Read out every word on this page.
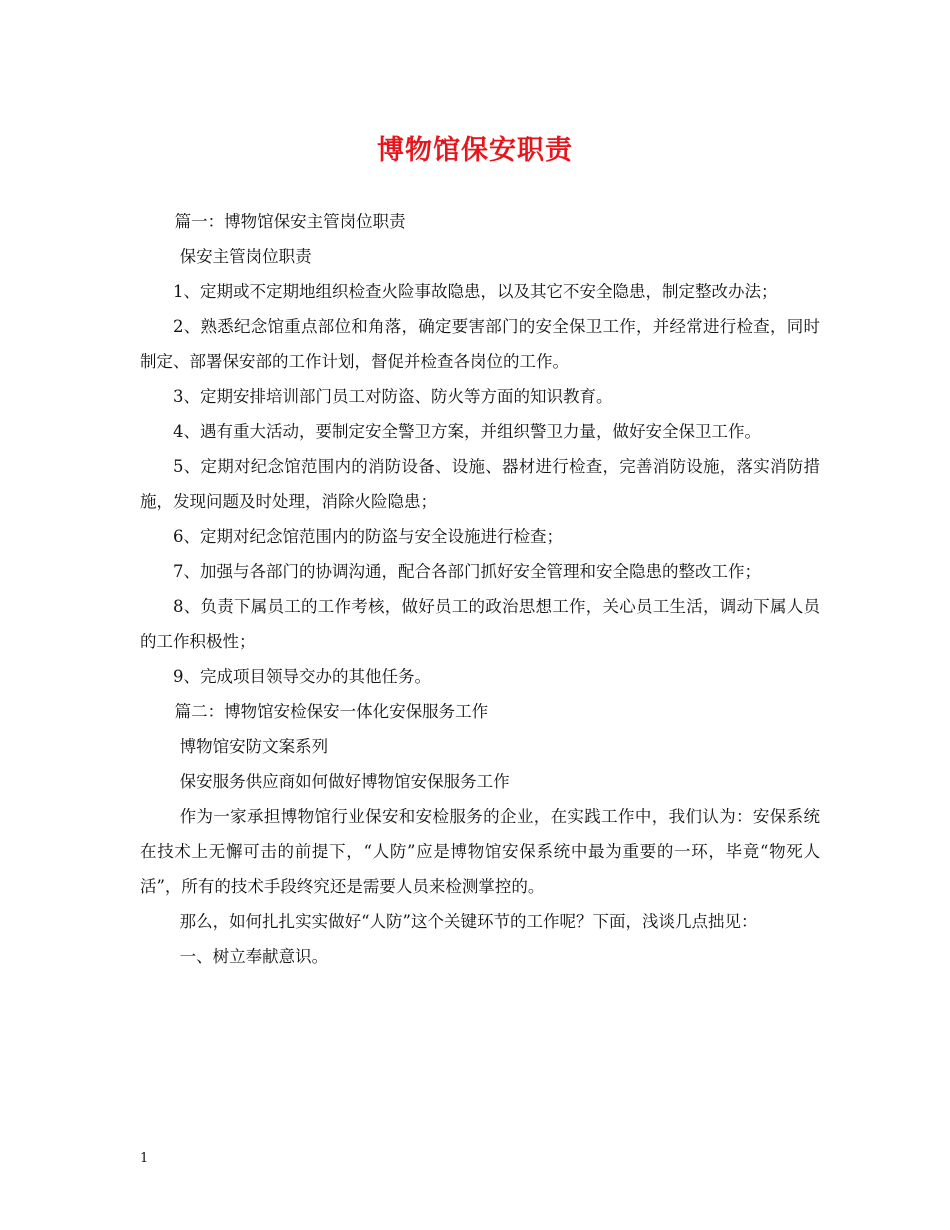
博物馆保安职责

篇一：博物馆保安主管岗位职责

保安主管岗位职责

1、定期或不定期地组织检查火险事故隐患，以及其它不安全隐患，制定整改办法；

2、熟悉纪念馆重点部位和角落，确定要害部门的安全保卫工作，并经常进行检查，同时制定、部署保安部的工作计划，督促并检查各岗位的工作。

3、定期安排培训部门员工对防盗、防火等方面的知识教育。

4、遇有重大活动，要制定安全警卫方案，并组织警卫力量，做好安全保卫工作。

5、定期对纪念馆范围内的消防设备、设施、器材进行检查，完善消防设施，落实消防措施，发现问题及时处理，消除火险隐患；

6、定期对纪念馆范围内的防盗与安全设施进行检查；

7、加强与各部门的协调沟通，配合各部门抓好安全管理和安全隐患的整改工作；

8、负责下属员工的工作考核，做好员工的政治思想工作，关心员工生活，调动下属人员的工作积极性；

9、完成项目领导交办的其他任务。

篇二：博物馆安检保安一体化安保服务工作

博物馆安防文案系列

保安服务供应商如何做好博物馆安保服务工作

作为一家承担博物馆行业保安和安检服务的企业，在实践工作中，我们认为：安保系统在技术上无懈可击的前提下，“人防”应是博物馆安保系统中最为重要的一环，毕竟“物死人活”，所有的技术手段终究还是需要人员来检测掌控的。

那么，如何扎扎实实做好“人防”这个关键环节的工作呢？下面，浅谈几点拙见：

一、树立奉献意识。

1
